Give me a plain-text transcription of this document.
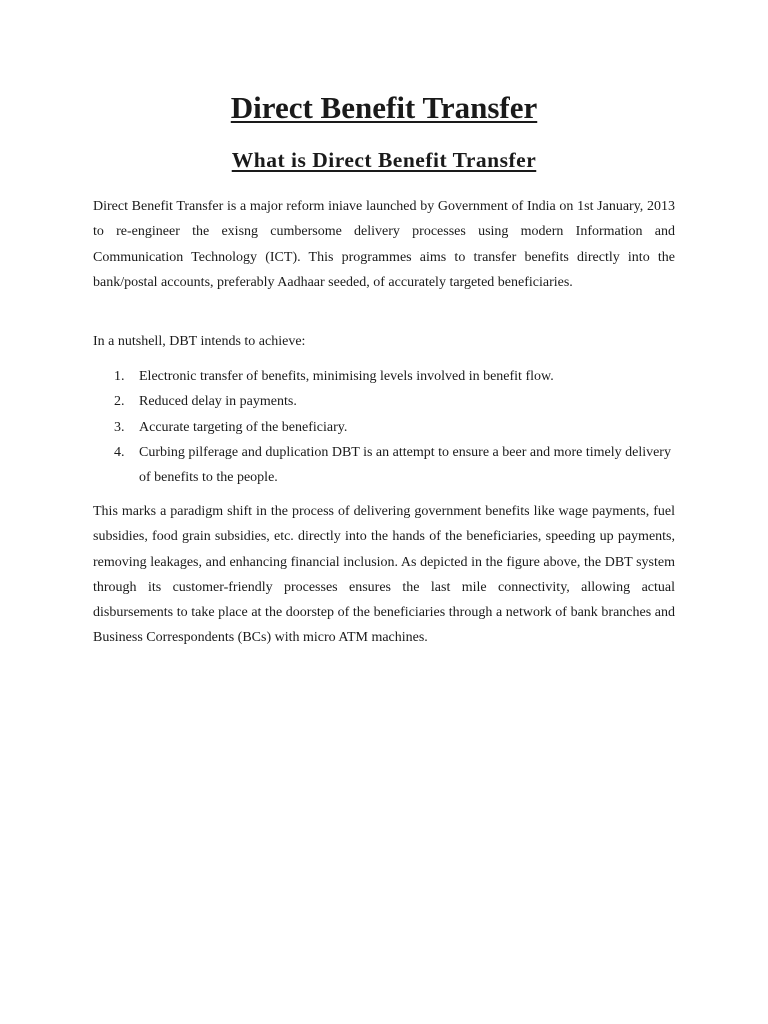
Direct Benefit Transfer
What is Direct Benefit Transfer

Direct Benefit Transfer is a major reform iniave launched by Government of India on 1st January, 2013 to re-engineer the exisng cumbersome delivery processes using modern Information and Communication Technology (ICT). This programmes aims to transfer benefits directly into the bank/postal accounts, preferably Aadhaar seeded, of accurately targeted beneficiaries.

In a nutshell, DBT intends to achieve:

1. Electronic transfer of benefits, minimising levels involved in benefit flow.
2. Reduced delay in payments.
3. Accurate targeting of the beneficiary.
4. Curbing pilferage and duplication DBT is an attempt to ensure a beer and more timely delivery of benefits to the people.

This marks a paradigm shift in the process of delivering government benefits like wage payments, fuel subsidies, food grain subsidies, etc. directly into the hands of the beneficiaries, speeding up payments, removing leakages, and enhancing financial inclusion. As depicted in the figure above, the DBT system through its customer-friendly processes ensures the last mile connectivity, allowing actual disbursements to take place at the doorstep of the beneficiaries through a network of bank branches and Business Correspondents (BCs) with micro ATM machines.
